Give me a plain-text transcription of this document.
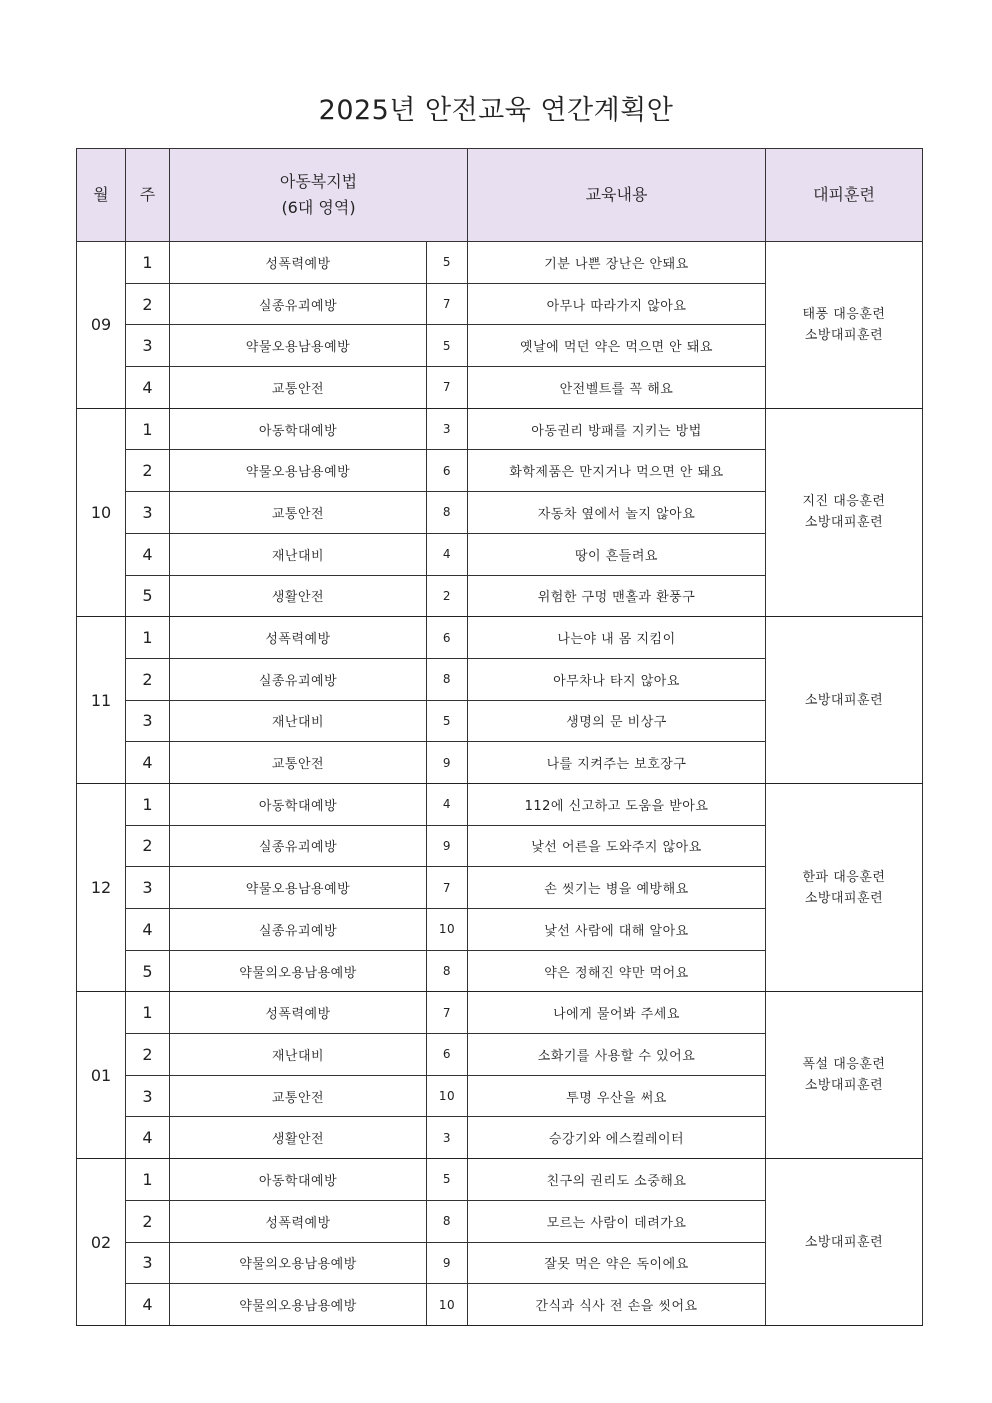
2025년 안전교육 연간계획안
월	주	아동복지법
(6대 영역)		교육내용	대피훈련
09	1	성폭력예방	5	기분 나쁜 장난은 안돼요	태풍 대응훈련
소방대피훈련

	2	실종유괴예방	7	아무나 따라가지 않아요	
	3	약물오용남용예방	5	옛날에 먹던 약은 먹으면 안 돼요	
	4	교통안전	7	안전벨트를 꼭 해요	
10	1	아동학대예방	3	아동권리 방패를 지키는 방법	지진 대응훈련
소방대피훈련

	2	약물오용남용예방	6	화학제품은 만지거나 먹으면 안 돼요	
	3	교통안전	8	자동차 옆에서 놀지 않아요	
	4	재난대비	4	땅이 흔들려요	
	5	생활안전	2	위험한 구멍 맨홀과 환풍구	
11	1	성폭력예방	6	나는야 내 몸 지킴이	소방대피훈련

	2	실종유괴예방	8	아무차나 타지 않아요	
	3	재난대비	5	생명의 문 비상구	
	4	교통안전	9	나를 지켜주는 보호장구	
12	1	아동학대예방	4	112에 신고하고 도움을 받아요	한파 대응훈련
소방대피훈련

	2	실종유괴예방	9	낯선 어른을 도와주지 않아요	
	3	약물오용남용예방	7	손 씻기는 병을 예방해요	
	4	실종유괴예방	10	낯선 사람에 대해 알아요	
	5	약물의오용남용예방	8	약은 정해진 약만 먹어요	
01	1	성폭력예방	7	나에게 물어봐 주세요	폭설 대응훈련
소방대피훈련

	2	재난대비	6	소화기를 사용할 수 있어요	
	3	교통안전	10	투명 우산을 써요	
	4	생활안전	3	승강기와 에스컬레이터	
02	1	아동학대예방	5	친구의 권리도 소중해요	소방대피훈련

	2	성폭력예방	8	모르는 사람이 데려가요	
	3	약물의오용남용예방	9	잘못 먹은 약은 독이에요	
	4	약물의오용남용예방	10	간식과 식사 전 손을 씻어요	
